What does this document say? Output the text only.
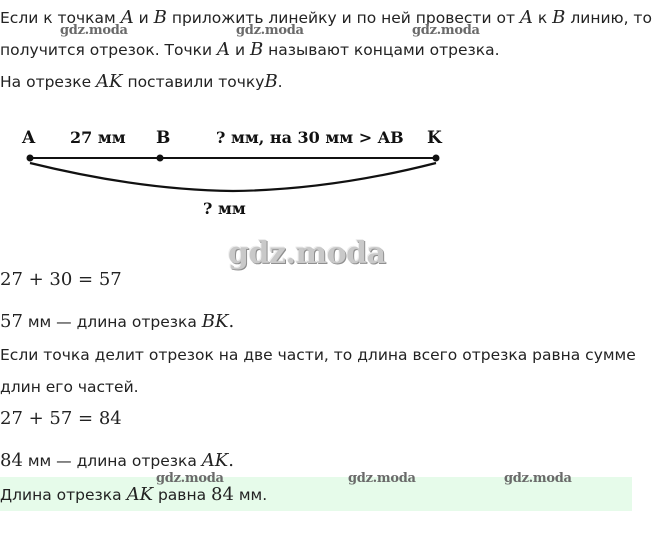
Если к точкам A и B приложить линейку и по ней провести от A к B линию, то
получится отрезок. Точки A и B называют концами отрезка.
На отрезке AK поставили точкуB.
A 27 мм B	? мм, на 30 мм > AB K
? мм
27 + 30 = 57
57 мм — длина отрезка BK.
Если точка делит отрезок на две части, то длина всего отрезка равна сумме
длин его частей.
27 + 57 = 84
84 мм — длина отрезка AK.
Длина отрезка AK равна 84 мм.
gdz.moda	gdz.moda	gdz.moda
gdz.moda
gdz.moda	gdz.moda	gdz.moda
